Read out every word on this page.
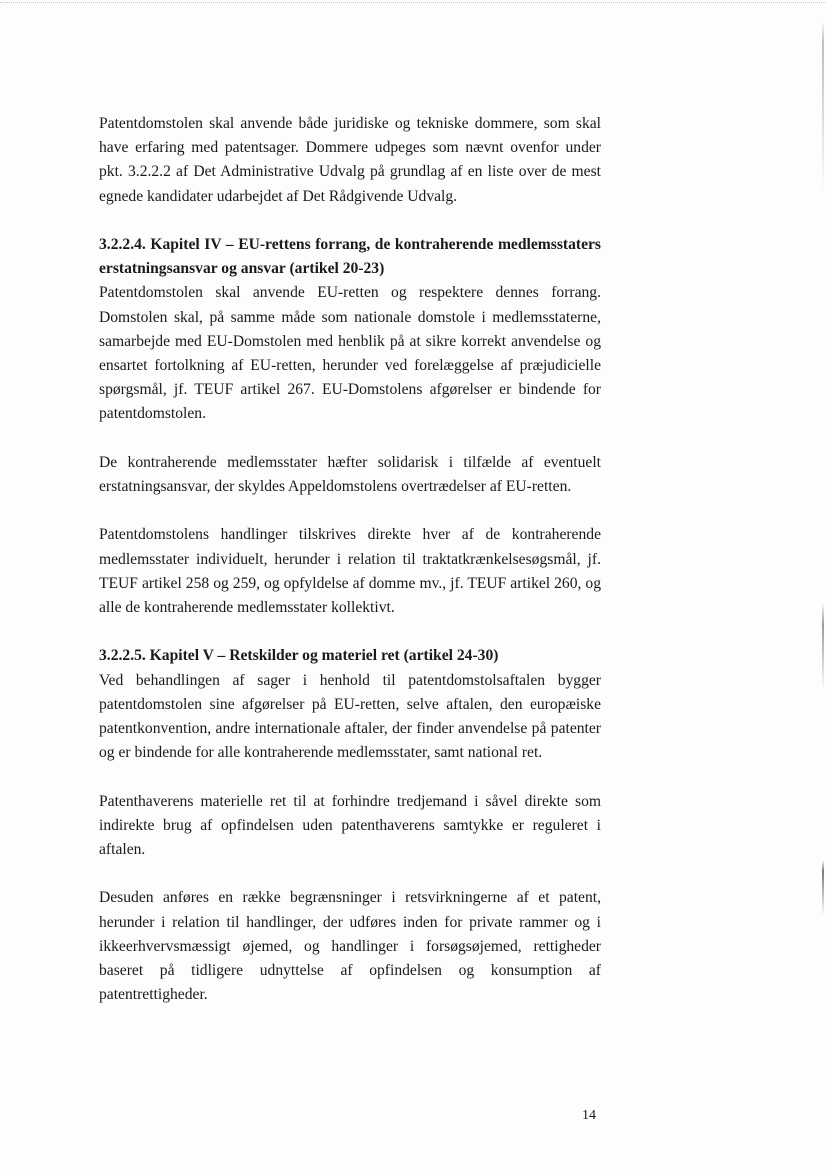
Patentdomstolen skal anvende både juridiske og tekniske dommere, som skal have erfaring med patentsager. Dommere udpeges som nævnt ovenfor under pkt. 3.2.2.2 af Det Administrative Udvalg på grundlag af en liste over de mest egnede kandidater udarbejdet af Det Rådgivende Udvalg.

3.2.2.4. Kapitel IV – EU-rettens forrang, de kontraherende medlemsstaters erstatningsansvar og ansvar (artikel 20-23)

Patentdomstolen skal anvende EU-retten og respektere dennes forrang. Domstolen skal, på samme måde som nationale domstole i medlemsstaterne, samarbejde med EU-Domstolen med henblik på at sikre korrekt anvendelse og ensartet fortolkning af EU-retten, herunder ved forelæggelse af præjudicielle spørgsmål, jf. TEUF artikel 267. EU-Domstolens afgørelser er bindende for patentdomstolen.

De kontraherende medlemsstater hæfter solidarisk i tilfælde af eventuelt erstatningsansvar, der skyldes Appeldomstolens overtrædelser af EU-retten.

Patentdomstolens handlinger tilskrives direkte hver af de kontraherende medlemsstater individuelt, herunder i relation til traktatkrænkelsesøgsmål, jf. TEUF artikel 258 og 259, og opfyldelse af domme mv., jf. TEUF artikel 260, og alle de kontraherende medlemsstater kollektivt.

3.2.2.5. Kapitel V – Retskilder og materiel ret (artikel 24-30)

Ved behandlingen af sager i henhold til patentdomstolsaftalen bygger patentdomstolen sine afgørelser på EU-retten, selve aftalen, den europæiske patentkonvention, andre internationale aftaler, der finder anvendelse på patenter og er bindende for alle kontraherende medlemsstater, samt national ret.

Patenthaverens materielle ret til at forhindre tredjemand i såvel direkte som indirekte brug af opfindelsen uden patenthaverens samtykke er reguleret i aftalen.

Desuden anføres en række begrænsninger i retsvirkningerne af et patent, herunder i relation til handlinger, der udføres inden for private rammer og i ikkeerhvervsmæssigt øjemed, og handlinger i forsøgsøjemed, rettigheder baseret på tidligere udnyttelse af opfindelsen og konsumption af patentrettigheder.

14
